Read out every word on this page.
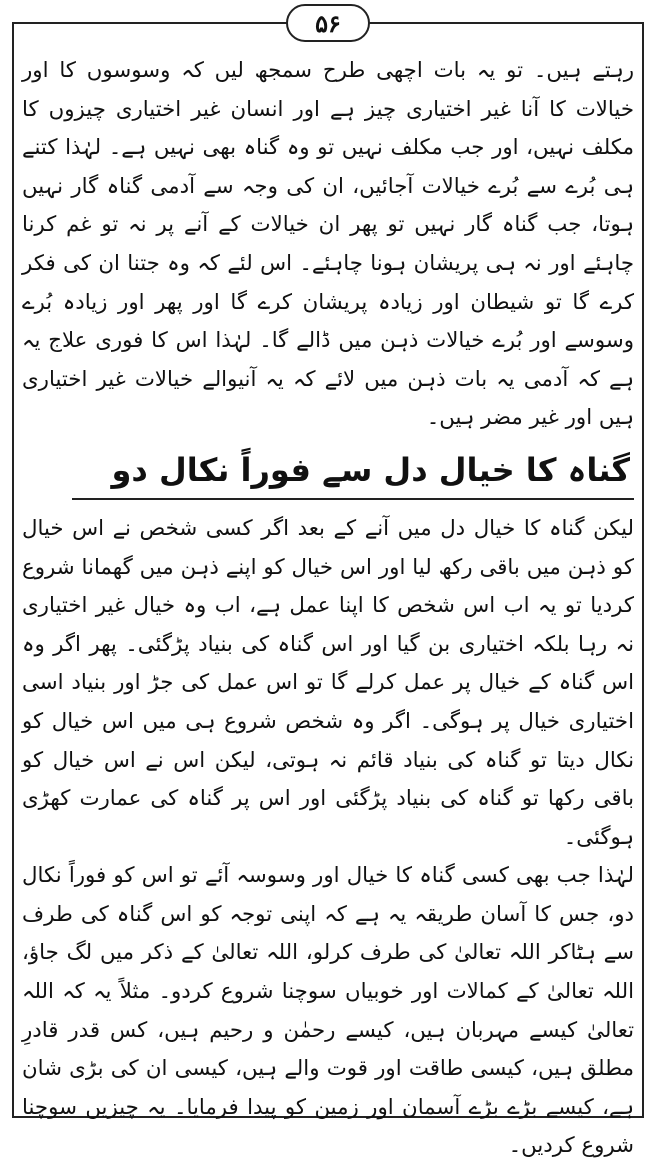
۵۶

رہتے ہیں۔ تو یہ بات اچھی طرح سمجھ لیں کہ وسوسوں کا اور خیالات کا آنا غیر اختیاری چیز ہے اور انسان غیر اختیاری چیزوں کا مکلف نہیں، اور جب مکلف نہیں تو وہ گناہ بھی نہیں ہے۔ لہٰذا کتنے ہی بُرے سے بُرے خیالات آجائیں، ان کی وجہ سے آدمی گناہ گار نہیں ہوتا، جب گناہ گار نہیں تو پھر ان خیالات کے آنے پر نہ تو غم کرنا چاہئے اور نہ ہی پریشان ہونا چاہئے۔ اس لئے کہ وہ جتنا ان کی فکر کرے گا تو شیطان اور زیادہ پریشان کرے گا اور پھر اور زیادہ بُرے وسوسے اور بُرے خیالات ذہن میں ڈالے گا۔ لہٰذا اس کا فوری علاج یہ ہے کہ آدمی یہ بات ذہن میں لائے کہ یہ آنیوالے خیالات غیر اختیاری ہیں اور غیر مضر ہیں۔

گناہ کا خیال دل سے فوراً نکال دو

لیکن گناہ کا خیال دل میں آنے کے بعد اگر کسی شخص نے اس خیال کو ذہن میں باقی رکھ لیا اور اس خیال کو اپنے ذہن میں گھمانا شروع کردیا تو یہ اب اس شخص کا اپنا عمل ہے، اب وہ خیال غیر اختیاری نہ رہا بلکہ اختیاری بن گیا اور اس گناہ کی بنیاد پڑگئی۔ پھر اگر وہ اس گناہ کے خیال پر عمل کرلے گا تو اس عمل کی جڑ اور بنیاد اسی اختیاری خیال پر ہوگی۔ اگر وہ شخص شروع ہی میں اس خیال کو نکال دیتا تو گناہ کی بنیاد قائم نہ ہوتی، لیکن اس نے اس خیال کو باقی رکھا تو گناہ کی بنیاد پڑگئی اور اس پر گناہ کی عمارت کھڑی ہوگئی۔

لہٰذا جب بھی کسی گناہ کا خیال اور وسوسہ آئے تو اس کو فوراً نکال دو، جس کا آسان طریقہ یہ ہے کہ اپنی توجہ کو اس گناہ کی طرف سے ہٹاکر اللہ تعالیٰ کی طرف کرلو، اللہ تعالیٰ کے ذکر میں لگ جاؤ، اللہ تعالیٰ کے کمالات اور خوبیاں سوچنا شروع کردو۔ مثلاً یہ کہ اللہ تعالیٰ کیسے مہربان ہیں، کیسے رحمٰن و رحیم ہیں، کس قدر قادرِ مطلق ہیں، کیسی طاقت اور قوت والے ہیں، کیسی ان کی بڑی شان ہے، کیسے بڑے بڑے آسمان اور زمین کو پیدا فرمایا۔ یہ چیزیں سوچنا شروع کردیں۔
